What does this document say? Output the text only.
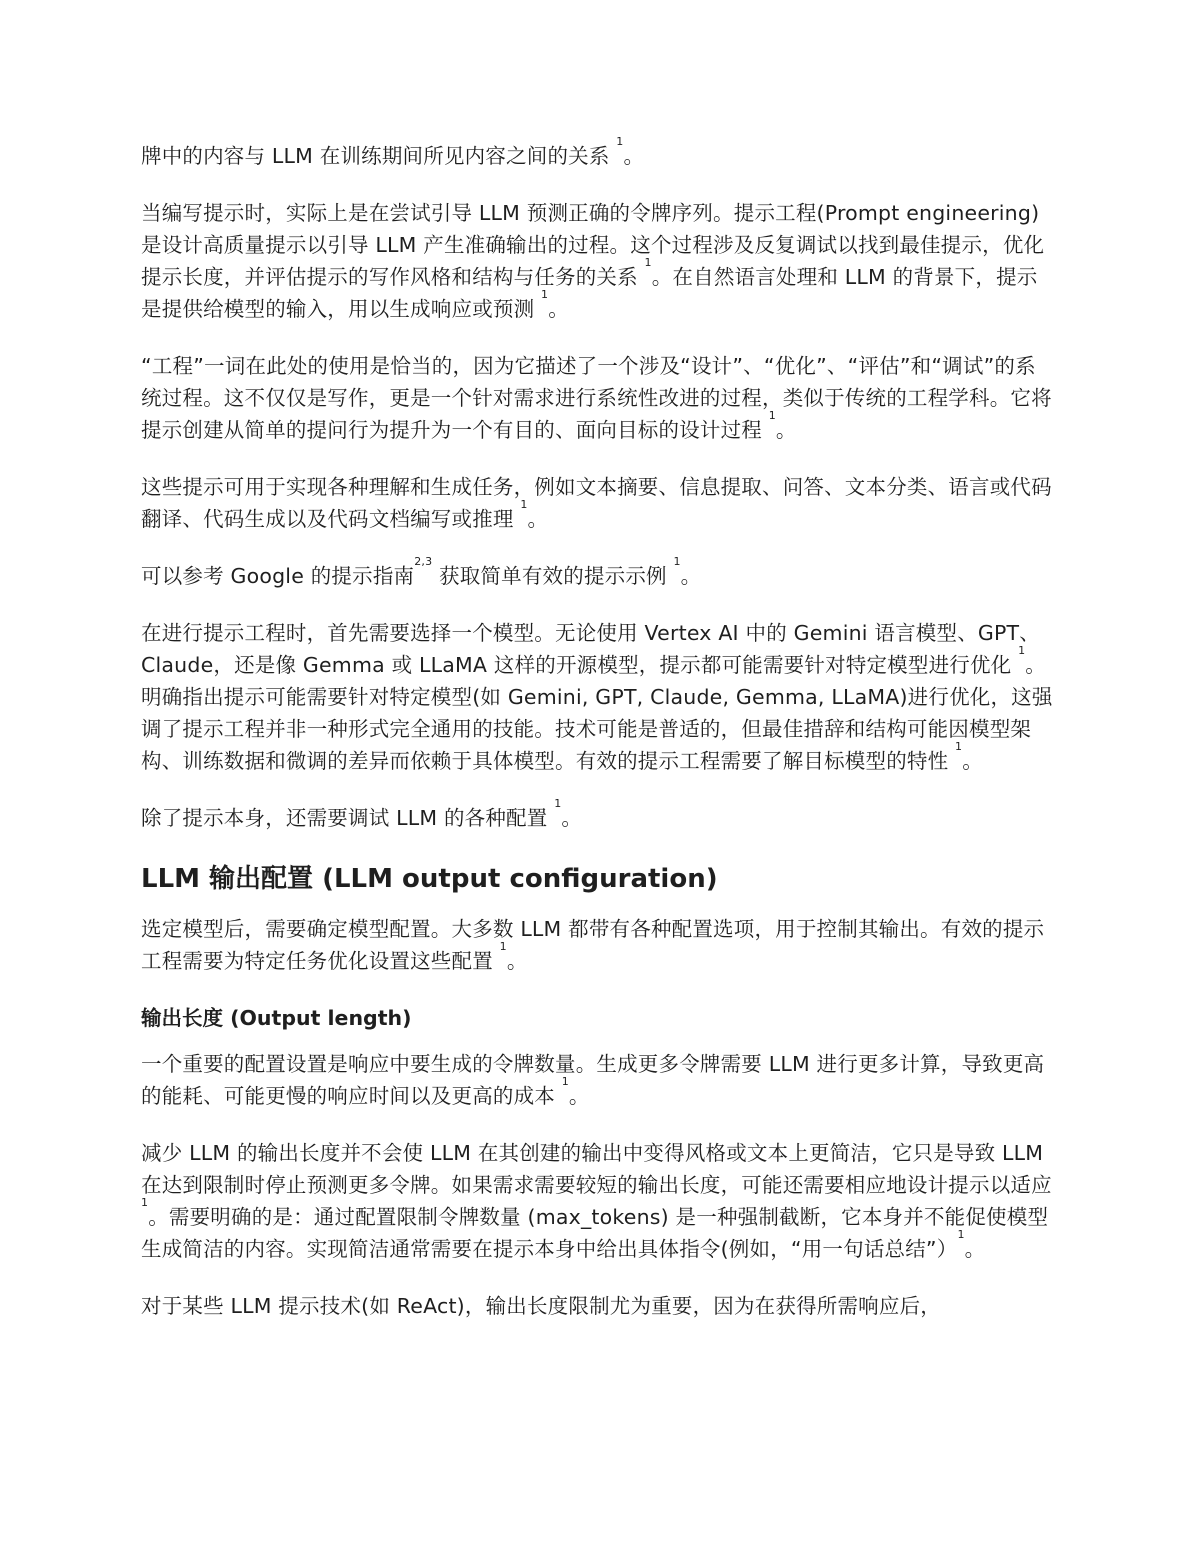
牌中的内容与 LLM 在训练期间所见内容之间的关系 $^1$。

当编写提示时，实际上是在尝试引导 LLM 预测正确的令牌序列。提示工程(Prompt engineering)是设计高质量提示以引导 LLM 产生准确输出的过程。这个过程涉及反复调试以找到最佳提示，优化提示长度，并评估提示的写作风格和结构与任务的关系 $^1$。在自然语言处理和 LLM 的背景下，提示是提供给模型的输入，用以生成响应或预测 $^1$。

“工程”一词在此处的使用是恰当的，因为它描述了一个涉及“设计”、“优化”、“评估”和“调试”的系统过程。这不仅仅是写作，更是一个针对需求进行系统性改进的过程，类似于传统的工程学科。它将提示创建从简单的提问行为提升为一个有目的、面向目标的设计过程 $^1$。

这些提示可用于实现各种理解和生成任务，例如文本摘要、信息提取、问答、文本分类、语言或代码翻译、代码生成以及代码文档编写或推理 $^1$。

可以参考 Google 的提示指南$^{2,3}$ 获取简单有效的提示示例 $^1$。

在进行提示工程时，首先需要选择一个模型。无论使用 Vertex AI 中的 Gemini 语言模型、GPT、Claude，还是像 Gemma 或 LLaMA 这样的开源模型，提示都可能需要针对特定模型进行优化 $^1$。明确指出提示可能需要针对特定模型(如 Gemini, GPT, Claude, Gemma, LLaMA)进行优化，这强调了提示工程并非一种形式完全通用的技能。技术可能是普适的，但最佳措辞和结构可能因模型架构、训练数据和微调的差异而依赖于具体模型。有效的提示工程需要了解目标模型的特性 $^1$。

除了提示本身，还需要调试 LLM 的各种配置 $^1$。

LLM 输出配置 (LLM output configuration)

选定模型后，需要确定模型配置。大多数 LLM 都带有各种配置选项，用于控制其输出。有效的提示工程需要为特定任务优化设置这些配置 $^1$。

输出长度 (Output length)

一个重要的配置设置是响应中要生成的令牌数量。生成更多令牌需要 LLM 进行更多计算，导致更高的能耗、可能更慢的响应时间以及更高的成本 $^1$。

减少 LLM 的输出长度并不会使 LLM 在其创建的输出中变得风格或文本上更简洁，它只是导致 LLM 在达到限制时停止预测更多令牌。如果需求需要较短的输出长度，可能还需要相应地设计提示以适应 $^1$。需要明确的是：通过配置限制令牌数量 (max_tokens) 是一种强制截断，它本身并不能促使模型生成简洁的内容。实现简洁通常需要在提示本身中给出具体指令(例如，“用一句话总结”）$^1$。

对于某些 LLM 提示技术(如 ReAct)，输出长度限制尤为重要，因为在获得所需响应后，
